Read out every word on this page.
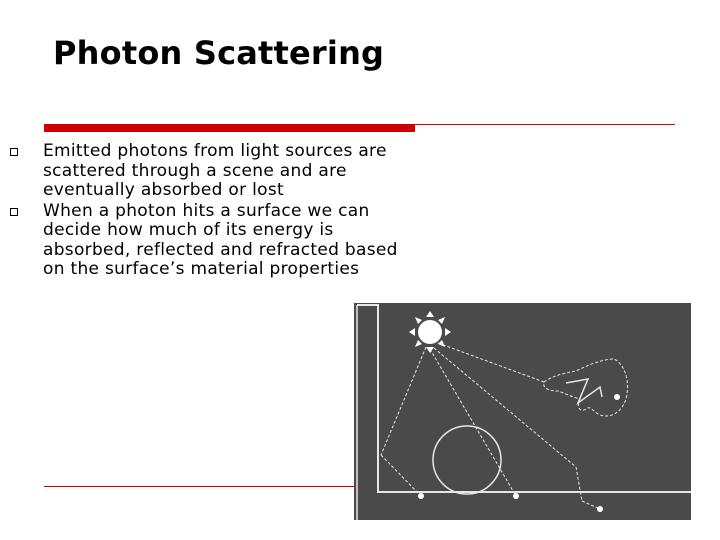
Photon Scattering
Emitted photons from light sources are scattered through a scene and are eventually absorbed or lost
When a photon hits a surface we can decide how much of its energy is absorbed, reflected and refracted based on the surface’s material properties
